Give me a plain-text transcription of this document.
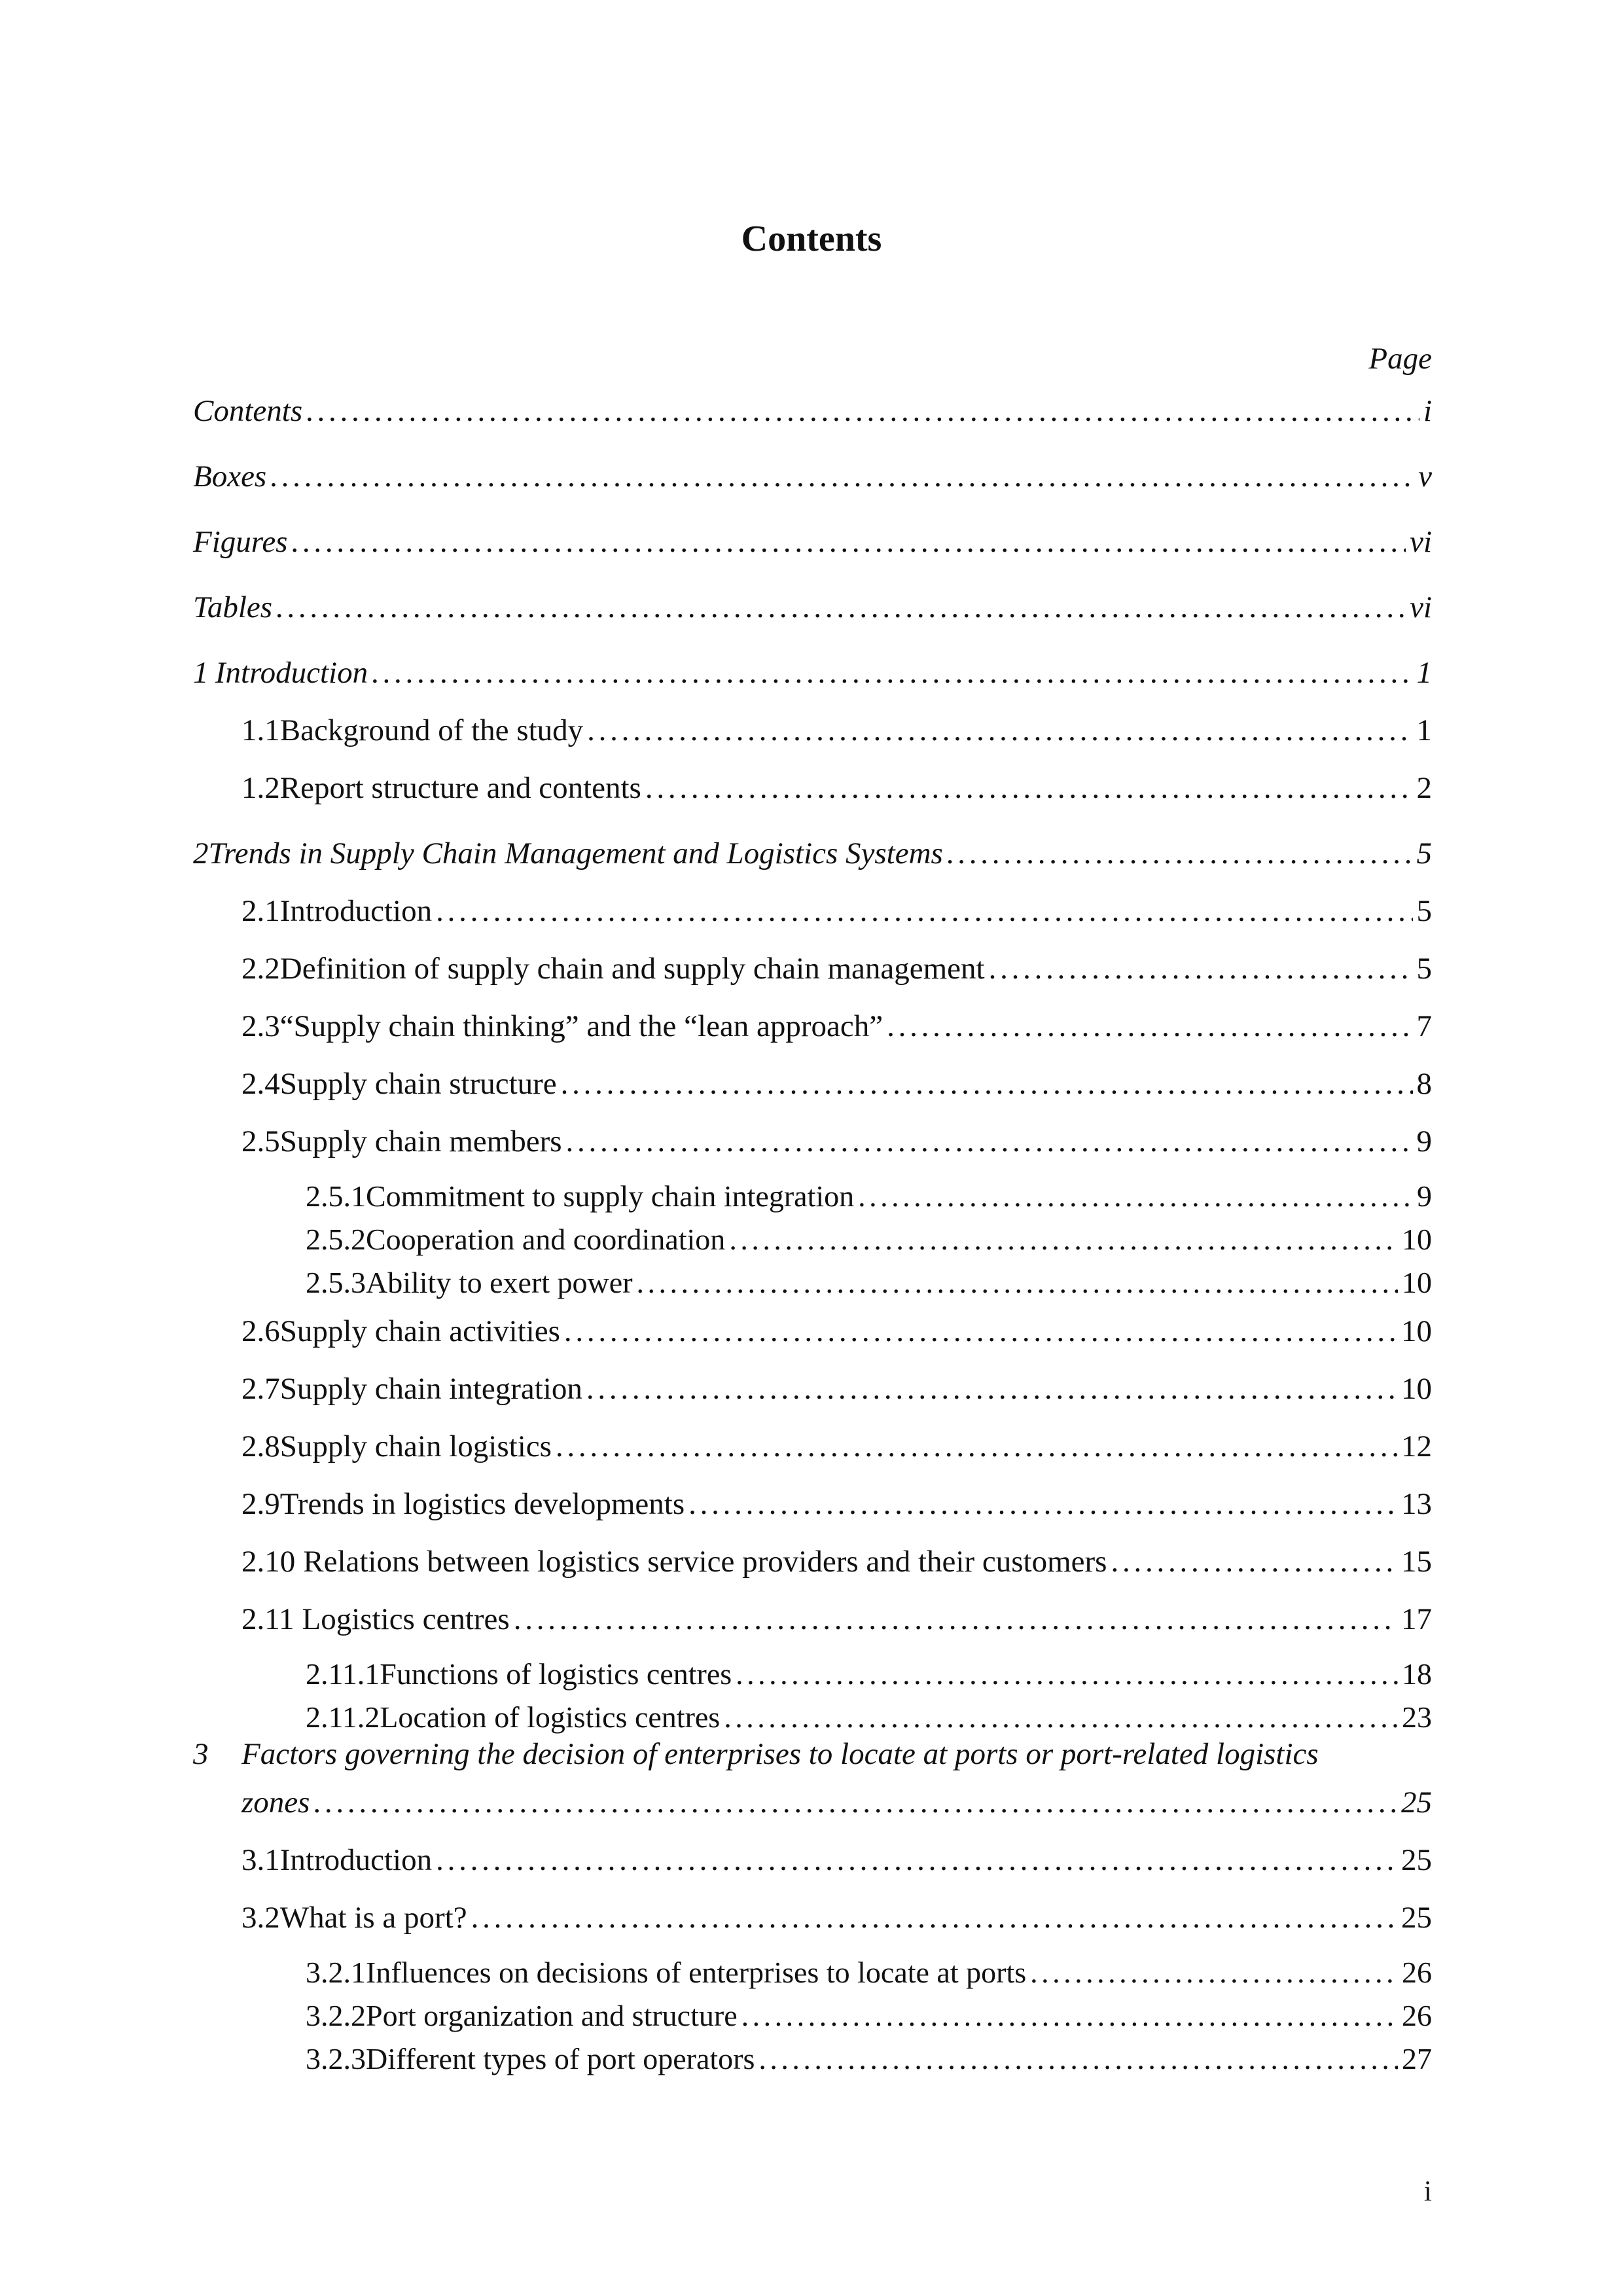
Contents
Page
Contents . . .	i
Boxes . . .	v
Figures . . .	vi
Tables . . .	vi
1 Introduction . . .	1
1.1 Background of the study . . .	1
1.2 Report structure and contents . . .	2
2 Trends in Supply Chain Management and Logistics Systems . . .	5
2.1 Introduction . . .	5
2.2 Definition of supply chain and supply chain management . . .	5
2.3 “Supply chain thinking” and the “lean approach” . . .	7
2.4 Supply chain structure . . .	8
2.5 Supply chain members . . .	9
2.5.1 Commitment to supply chain integration . . .	9
2.5.2 Cooperation and coordination . . .	10
2.5.3 Ability to exert power . . .	10
2.6 Supply chain activities . . .	10
2.7 Supply chain integration . . .	10
2.8 Supply chain logistics . . .	12
2.9 Trends in logistics developments . . .	13
2.10 Relations between logistics service providers and their customers . . .	15
2.11 Logistics centres . . .	17
2.11.1 Functions of logistics centres . . .	18
2.11.2 Location of logistics centres . . .	23
3 Factors governing the decision of enterprises to locate at ports or port-related logistics
zones . . .	25
3.1 Introduction . . .	25
3.2 What is a port? . . .	25
3.2.1 Influences on decisions of enterprises to locate at ports . . .	26
3.2.2 Port organization and structure . . .	26
3.2.3 Different types of port operators . . .	27
i
